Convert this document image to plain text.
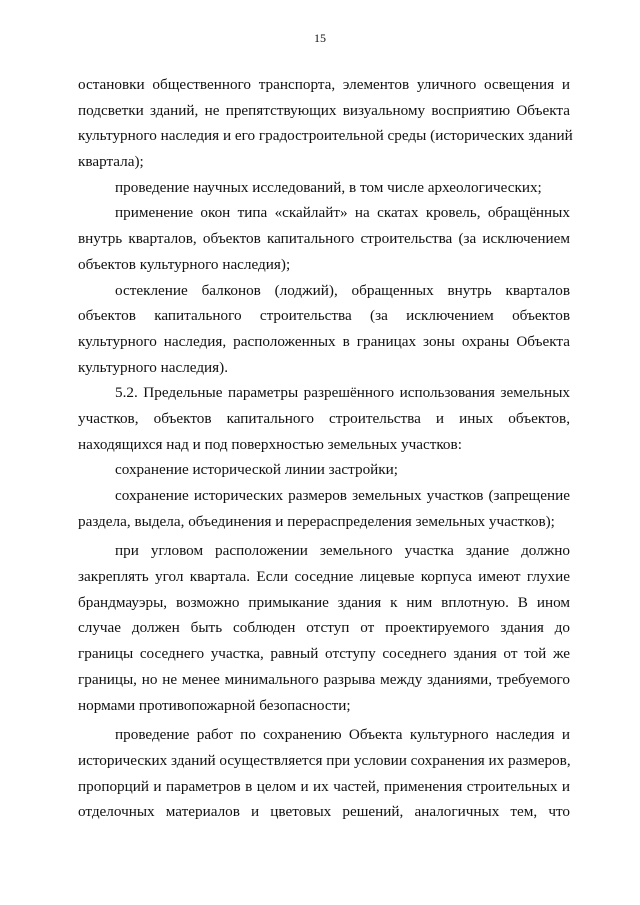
15
остановки общественного транспорта, элементов уличного освещения и
подсветки зданий, не препятствующих визуальному восприятию Объекта
культурного наследия и его градостроительной среды (исторических зданий
квартала);
проведение научных исследований, в том числе археологических;
применение окон типа «скайлайт» на скатах кровель, обращённых
внутрь кварталов, объектов капитального строительства (за исключением
объектов культурного наследия);
остекление балконов (лоджий), обращенных внутрь кварталов
объектов капитального строительства (за исключением объектов
культурного наследия, расположенных в границах зоны охраны Объекта
культурного наследия).
5.2. Предельные параметры разрешённого использования земельных
участков, объектов капитального строительства и иных объектов,
находящихся над и под поверхностью земельных участков:
сохранение исторической линии застройки;
сохранение исторических размеров земельных участков (запрещение
раздела, выдела, объединения и перераспределения земельных участков);
при угловом расположении земельного участка здание должно
закреплять угол квартала. Если соседние лицевые корпуса имеют глухие
брандмауэры, возможно примыкание здания к ним вплотную. В ином
случае должен быть соблюден отступ от проектируемого здания до
границы соседнего участка, равный отступу соседнего здания от той же
границы, но не менее минимального разрыва между зданиями, требуемого
нормами противопожарной безопасности;
проведение работ по сохранению Объекта культурного наследия и
исторических зданий осуществляется при условии сохранения их размеров,
пропорций и параметров в целом и их частей, применения строительных и
отделочных материалов и цветовых решений, аналогичных тем, что
